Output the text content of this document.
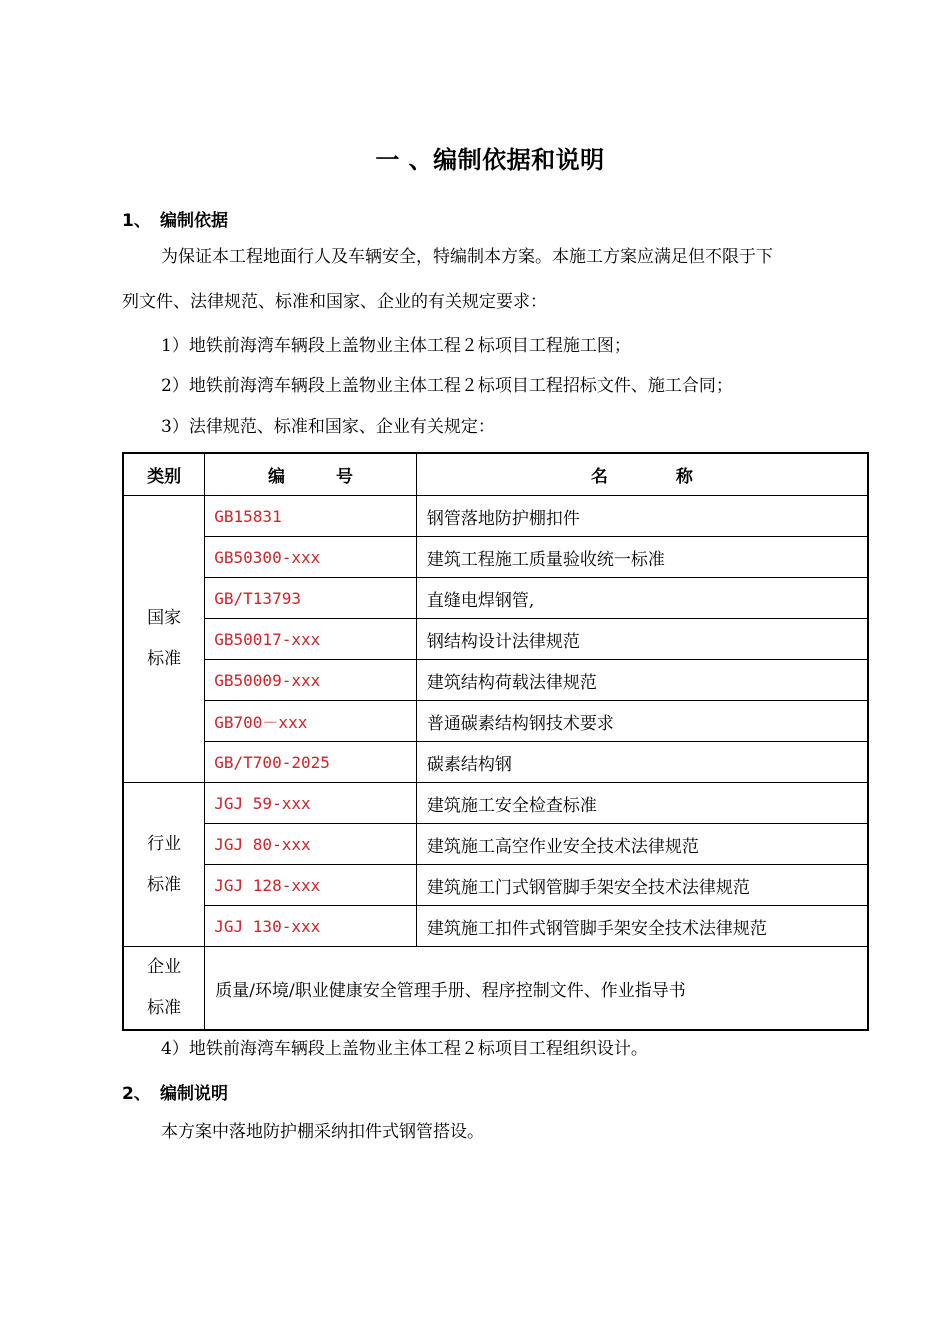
一 、编制依据和说明
1、 编制依据
为保证本工程地面行人及车辆安全，特编制本方案。本施工方案应满足但不限于下
列文件、法律规范、标准和国家、企业的有关规定要求：
1）地铁前海湾车辆段上盖物业主体工程２标项目工程施工图；
2）地铁前海湾车辆段上盖物业主体工程２标项目工程招标文件、施工合同；
3）法律规范、标准和国家、企业有关规定：
类别	编　　　号	名　　　　称

国家
标准	GB15831	钢管落地防护棚扣件
	GB50300-xxx	建筑工程施工质量验收统一标准
	GB/T13793	直缝电焊钢管,
	GB50017-xxx	钢结构设计法律规范
	GB50009-xxx	建筑结构荷载法律规范
	GB700－xxx	普通碳素结构钢技术要求
	GB/T700-2025	碳素结构钢

行业
标准	JGJ 59-xxx	建筑施工安全检查标准
	JGJ 80-xxx	建筑施工高空作业安全技术法律规范
	JGJ 128-xxx	建筑施工门式钢管脚手架安全技术法律规范
	JGJ 130-xxx	建筑施工扣件式钢管脚手架安全技术法律规范

企业
标准	质量/环境/职业健康安全管理手册、程序控制文件、作业指导书	
4）地铁前海湾车辆段上盖物业主体工程２标项目工程组织设计。
2、 编制说明
本方案中落地防护棚采纳扣件式钢管搭设。
